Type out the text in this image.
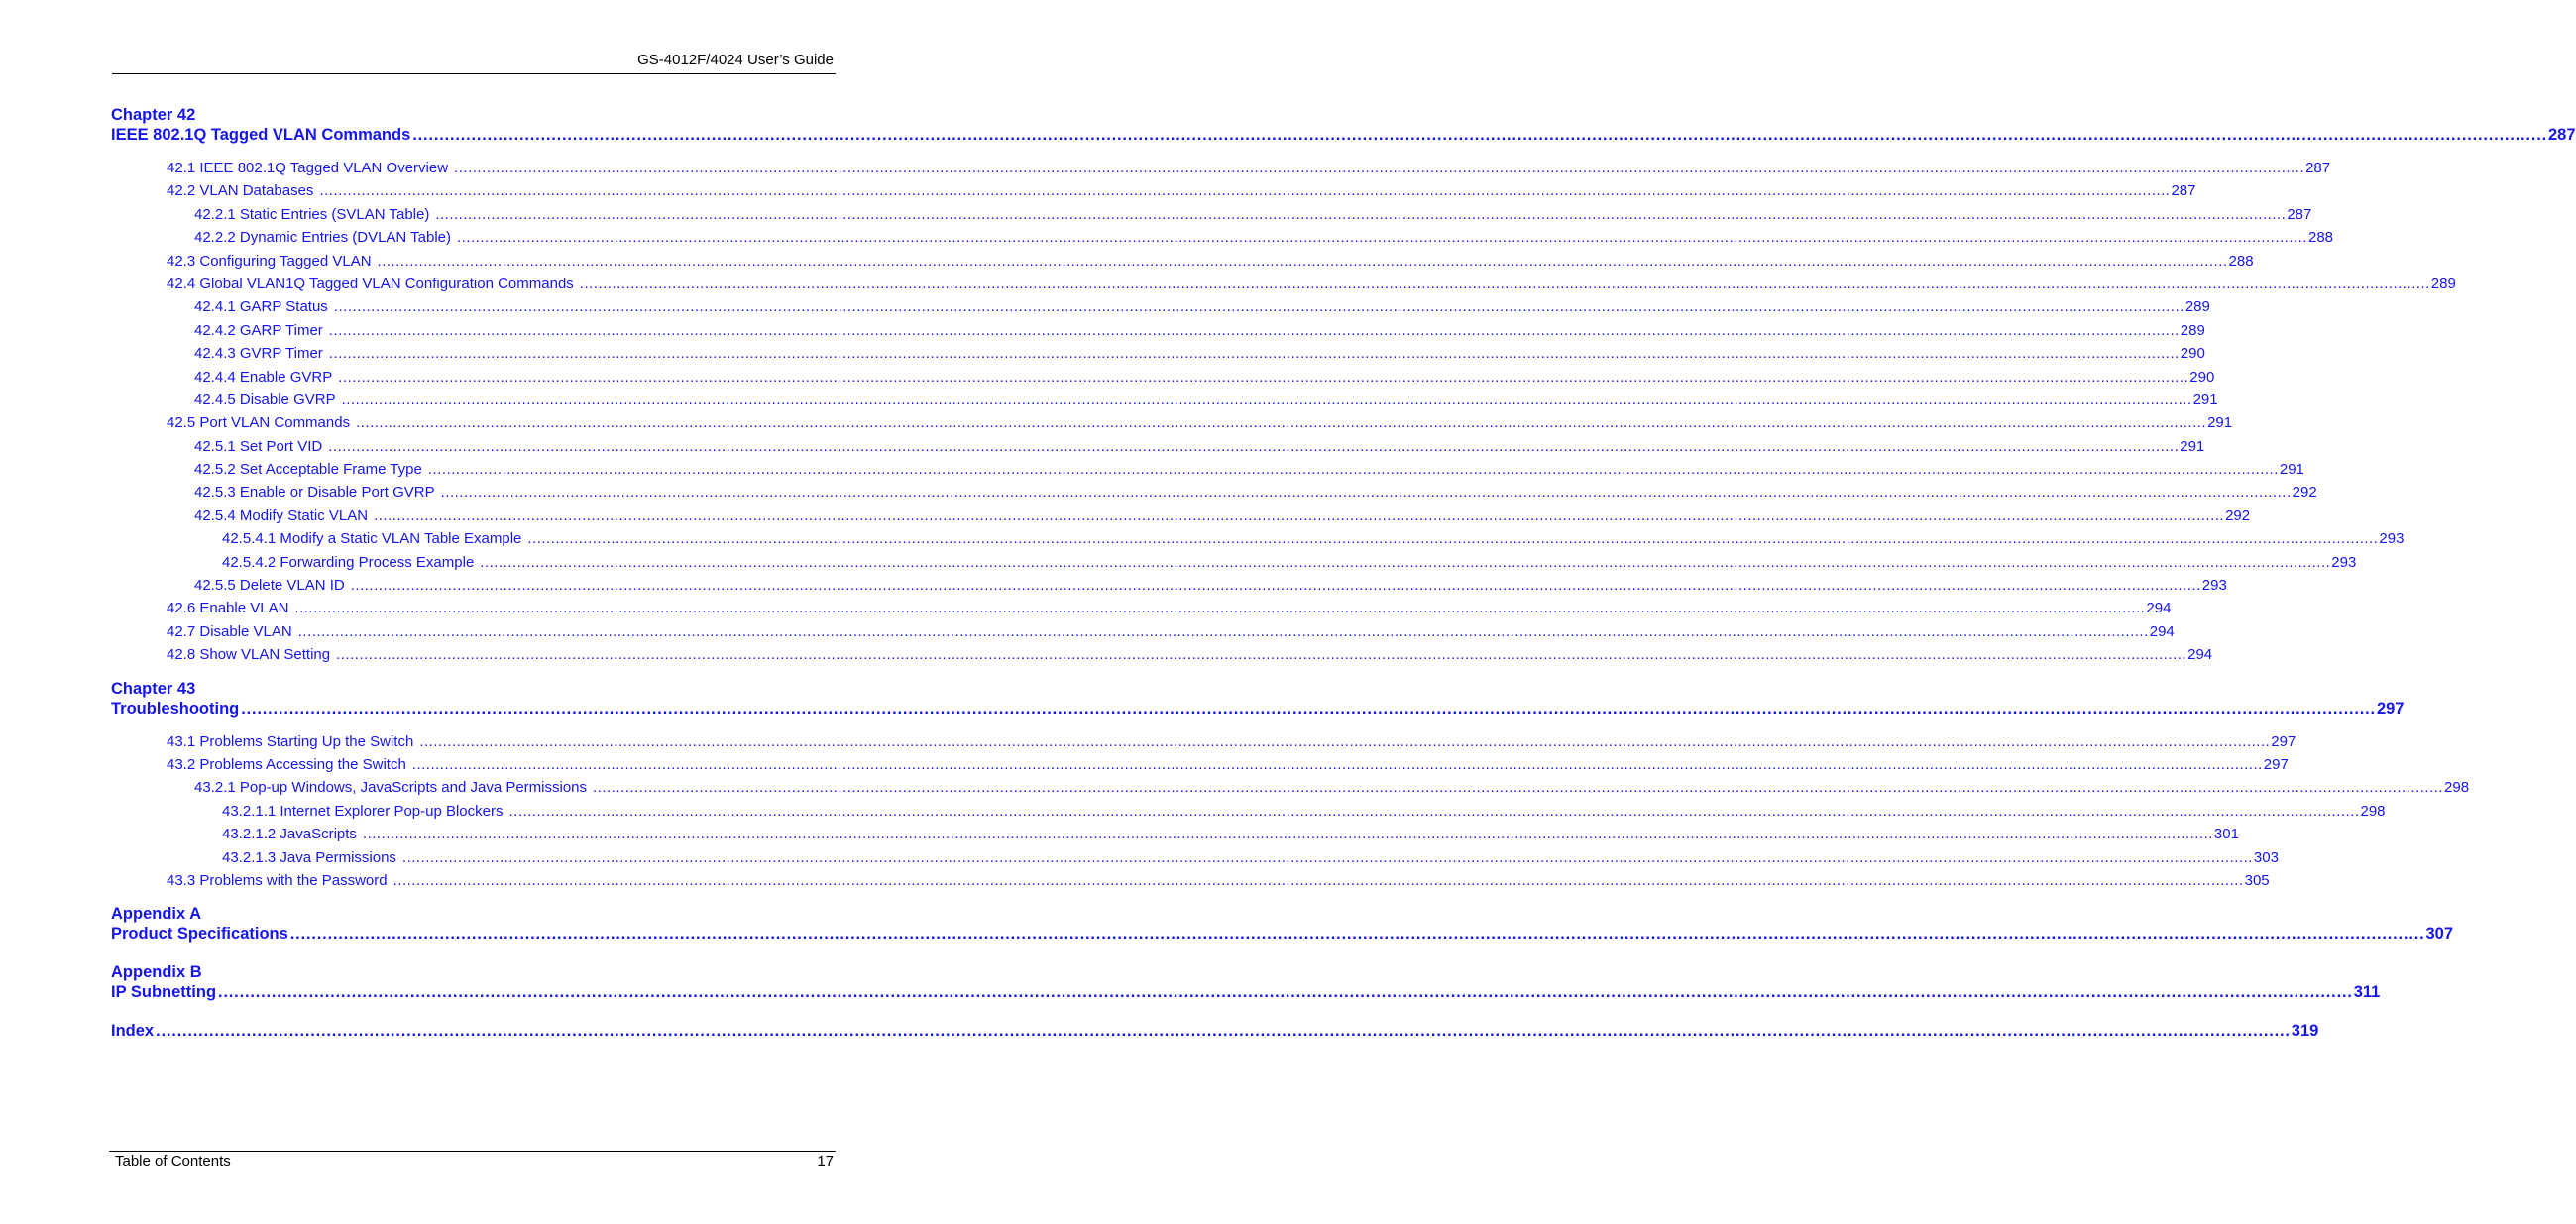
GS-4012F/4024 User’s Guide
Chapter 42
IEEE 802.1Q Tagged VLAN Commands ................................................................................................................................................................................................................................................................................................................................................................................................................ 287
42.1 IEEE 802.1Q Tagged VLAN Overview ................................................................................................................................................................................................................................................................................................................................................................................................................ 287
42.2 VLAN Databases ................................................................................................................................................................................................................................................................................................................................................................................................................ 287
42.2.1 Static Entries (SVLAN Table) ................................................................................................................................................................................................................................................................................................................................................................................................................ 287
42.2.2 Dynamic Entries (DVLAN Table) ................................................................................................................................................................................................................................................................................................................................................................................................................ 288
42.3 Configuring Tagged VLAN ................................................................................................................................................................................................................................................................................................................................................................................................................ 288
42.4 Global VLAN1Q Tagged VLAN Configuration Commands ................................................................................................................................................................................................................................................................................................................................................................................................................ 289
42.4.1 GARP Status ................................................................................................................................................................................................................................................................................................................................................................................................................ 289
42.4.2 GARP Timer ................................................................................................................................................................................................................................................................................................................................................................................................................ 289
42.4.3 GVRP Timer ................................................................................................................................................................................................................................................................................................................................................................................................................ 290
42.4.4 Enable GVRP ................................................................................................................................................................................................................................................................................................................................................................................................................ 290
42.4.5 Disable GVRP ................................................................................................................................................................................................................................................................................................................................................................................................................ 291
42.5 Port VLAN Commands ................................................................................................................................................................................................................................................................................................................................................................................................................ 291
42.5.1 Set Port VID ................................................................................................................................................................................................................................................................................................................................................................................................................ 291
42.5.2 Set Acceptable Frame Type ................................................................................................................................................................................................................................................................................................................................................................................................................ 291
42.5.3 Enable or Disable Port GVRP ................................................................................................................................................................................................................................................................................................................................................................................................................ 292
42.5.4 Modify Static VLAN ................................................................................................................................................................................................................................................................................................................................................................................................................ 292
42.5.4.1 Modify a Static VLAN Table Example ................................................................................................................................................................................................................................................................................................................................................................................................................ 293
42.5.4.2 Forwarding Process Example ................................................................................................................................................................................................................................................................................................................................................................................................................ 293
42.5.5 Delete VLAN ID ................................................................................................................................................................................................................................................................................................................................................................................................................ 293
42.6 Enable VLAN ................................................................................................................................................................................................................................................................................................................................................................................................................ 294
42.7 Disable VLAN ................................................................................................................................................................................................................................................................................................................................................................................................................ 294
42.8 Show VLAN Setting ................................................................................................................................................................................................................................................................................................................................................................................................................ 294
Chapter 43
Troubleshooting ................................................................................................................................................................................................................................................................................................................................................................................................................ 297
43.1 Problems Starting Up the Switch ................................................................................................................................................................................................................................................................................................................................................................................................................ 297
43.2 Problems Accessing the Switch ................................................................................................................................................................................................................................................................................................................................................................................................................ 297
43.2.1 Pop-up Windows, JavaScripts and Java Permissions ................................................................................................................................................................................................................................................................................................................................................................................................................ 298
43.2.1.1 Internet Explorer Pop-up Blockers ................................................................................................................................................................................................................................................................................................................................................................................................................ 298
43.2.1.2 JavaScripts ................................................................................................................................................................................................................................................................................................................................................................................................................ 301
43.2.1.3 Java Permissions ................................................................................................................................................................................................................................................................................................................................................................................................................ 303
43.3 Problems with the Password ................................................................................................................................................................................................................................................................................................................................................................................................................ 305
Appendix A
Product Specifications ................................................................................................................................................................................................................................................................................................................................................................................................................ 307
Appendix B
IP Subnetting ................................................................................................................................................................................................................................................................................................................................................................................................................ 311
Index ................................................................................................................................................................................................................................................................................................................................................................................................................ 319
Table of Contents	17
